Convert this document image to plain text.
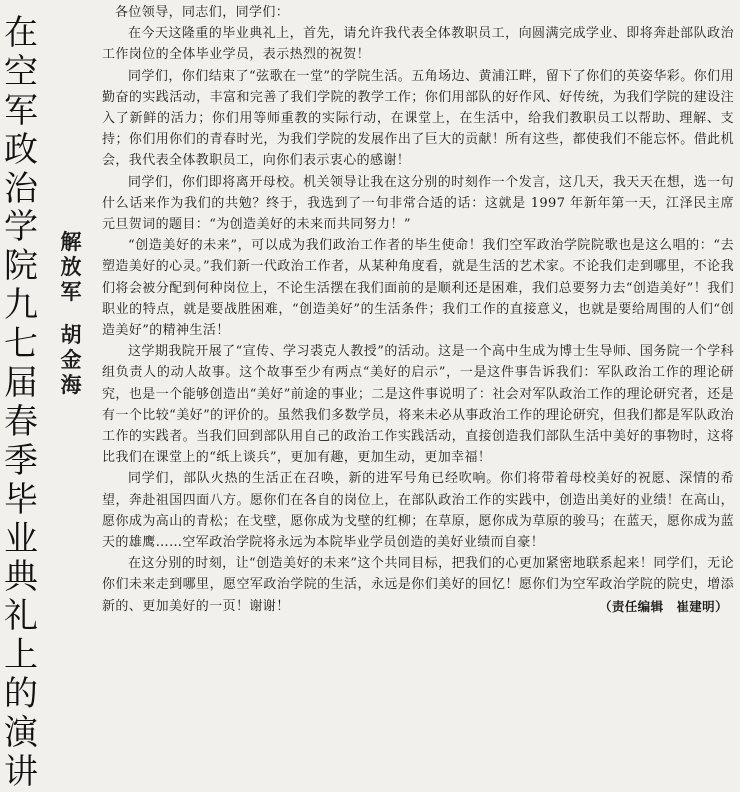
在
空
军
政
治
学
院
九
七
届
春
季
毕
业
典
礼
上
的
演
讲
解
放
军
胡
金
海

各位领导，同志们，同学们：

在今天这隆重的毕业典礼上，首先，请允许我代表全体教职员工，向圆满完成学业、即将奔赴部队政治工作岗位的全体毕业学员，表示热烈的祝贺！

同学们，你们结束了“弦歌在一堂”的学院生活。五角场边、黄浦江畔，留下了你们的英姿华彩。你们用勤奋的实践活动，丰富和完善了我们学院的教学工作；你们用部队的好作风、好传统，为我们学院的建设注入了新鲜的活力；你们用等师重教的实际行动，在课堂上，在生活中，给我们教职员工以帮助、理解、支持；你们用你们的青春时光，为我们学院的发展作出了巨大的贡献！所有这些，都使我们不能忘怀。借此机会，我代表全体教职员工，向你们表示衷心的感谢！

同学们，你们即将离开母校。机关领导让我在这分别的时刻作一个发言，这几天，我天天在想，选一句什么话来作为我们的共勉？终于，我选到了一句非常合适的话：这就是 1997 年新年第一天，江泽民主席元旦贺词的题目：“为创造美好的未来而共同努力！”

“创造美好的未来”，可以成为我们政治工作者的毕生使命！我们空军政治学院院歌也是这么唱的：“去塑造美好的心灵。”我们新一代政治工作者，从某种角度看，就是生活的艺术家。不论我们走到哪里，不论我们将会被分配到何种岗位上，不论生活摆在我们面前的是顺利还是困难，我们总要努力去“创造美好”！我们职业的特点，就是要战胜困难，“创造美好”的生活条件；我们工作的直接意义，也就是要给周围的人们“创造美好”的精神生活！

这学期我院开展了“宣传、学习裘克人教授”的活动。这是一个高中生成为博士生导师、国务院一个学科组负责人的动人故事。这个故事至少有两点“美好的启示”，一是这件事告诉我们：军队政治工作的理论研究，也是一个能够创造出“美好”前途的事业；二是这件事说明了：社会对军队政治工作的理论研究者，还是有一个比较“美好”的评价的。虽然我们多数学员，将来未必从事政治工作的理论研究，但我们都是军队政治工作的实践者。当我们回到部队用自己的政治工作实践活动，直接创造我们部队生活中美好的事物时，这将比我们在课堂上的“纸上谈兵”，更加有趣，更加生动，更加幸福！

同学们，部队火热的生活正在召唤，新的进军号角已经吹响。你们将带着母校美好的祝愿、深情的希望，奔赴祖国四面八方。愿你们在各自的岗位上，在部队政治工作的实践中，创造出美好的业绩！在高山，愿你成为高山的青松；在戈壁，愿你成为戈壁的红柳；在草原，愿你成为草原的骏马；在蓝天，愿你成为蓝天的雄鹰……空军政治学院将永远为本院毕业学员创造的美好业绩而自豪！

在这分别的时刻，让“创造美好的未来”这个共同目标，把我们的心更加紧密地联系起来！同学们，无论你们未来走到哪里，愿空军政治学院的生活，永远是你们美好的回忆！愿你们为空军政治学院的院史，增添新的、更加美好的一页！谢谢！	（责任编辑　崔建明）
